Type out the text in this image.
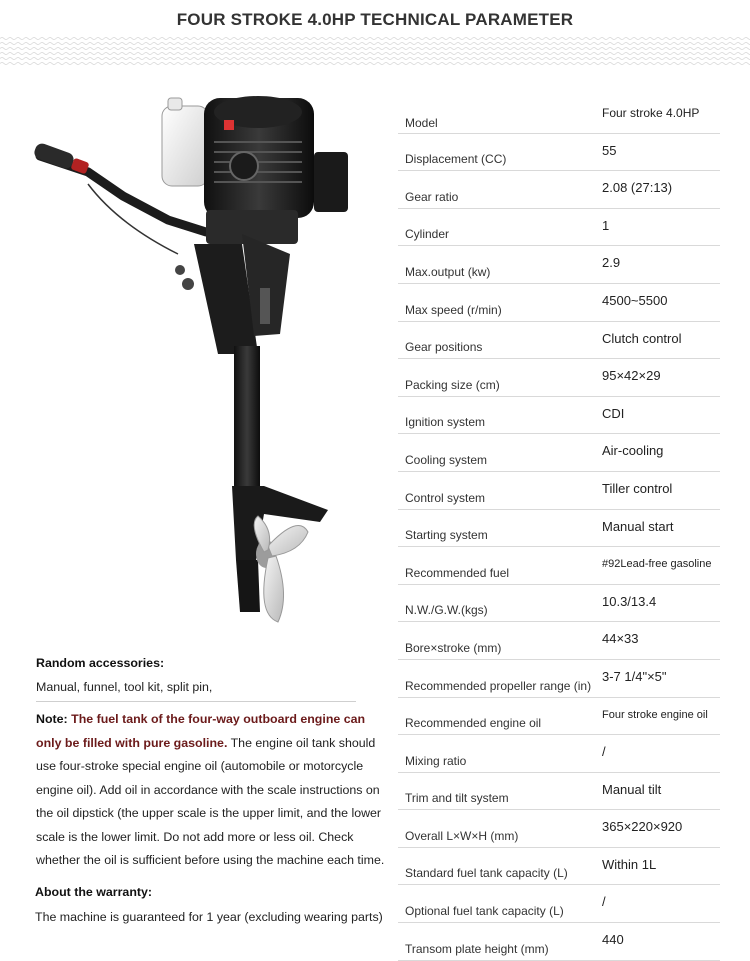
FOUR STROKE 4.0HP TECHNICAL PARAMETER
Model
Four stroke 4.0HP
Displacement (CC)
55
Gear ratio
2.08 (27:13)
Cylinder
1
Max.output (kw)
2.9
Max speed (r/min)
4500~5500
Gear positions
Clutch control
Packing size (cm)
95×42×29
Ignition system
CDI
Cooling system
Air-cooling
Control system
Tiller control
Starting system
Manual start
Recommended fuel
#92Lead-free gasoline
N.W./G.W.(kgs)
10.3/13.4
Bore×stroke (mm)
44×33
Recommended propeller range (in)
3-7 1/4"×5"
Recommended engine oil
Four stroke engine oil
Mixing ratio
/
Trim and tilt system
Manual tilt
Overall L×W×H (mm)
365×220×920
Standard fuel tank capacity (L)
Within 1L
Optional fuel tank capacity (L)
/
Transom plate height (mm)
440
Random accessories:
Manual, funnel, tool kit, split pin,
Note: The fuel tank of the four-way outboard engine can
only be filled with pure gasoline. The engine oil tank should
use four-stroke special engine oil (automobile or motorcycle
engine oil). Add oil in accordance with the scale instructions on
the oil dipstick (the upper scale is the upper limit, and the lower
scale is the lower limit. Do not add more or less oil. Check
whether the oil is sufficient before using the machine each time.
About the warranty:
The machine is guaranteed for 1 year (excluding wearing parts)
